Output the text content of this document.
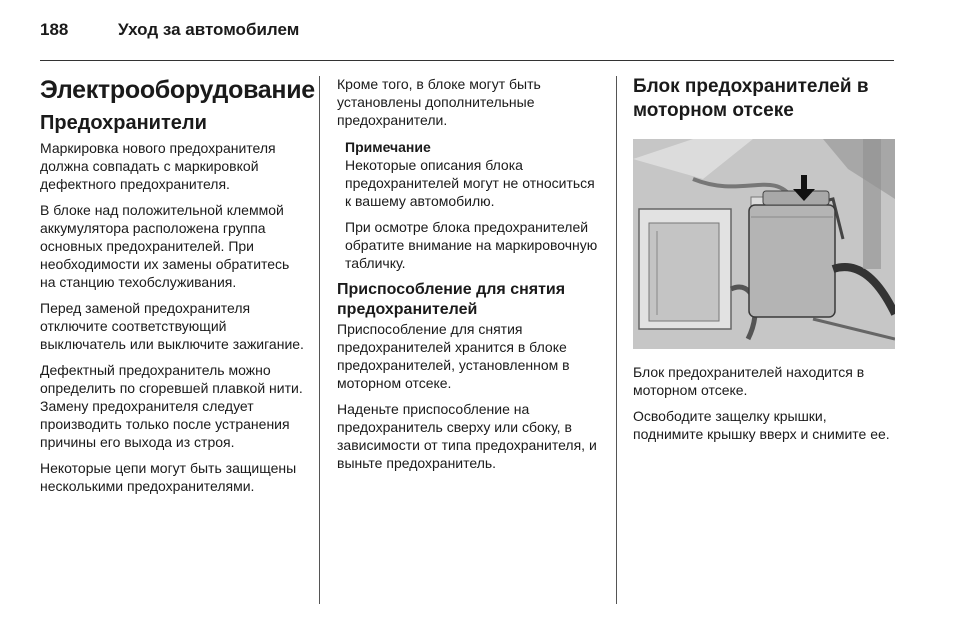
188	Уход за автомобилем
Электрооборудование
Предохранители

Маркировка нового предохранителя должна совпадать с маркировкой дефектного предохранителя.

В блоке над положительной клеммой аккумулятора расположена группа основных предохранителей. При необходимости их замены обратитесь на станцию техобслуживания.

Перед заменой предохранителя отключите соответствующий выключатель или выключите зажигание.

Дефектный предохранитель можно определить по сгоревшей плавкой нити. Замену предохранителя следует производить только после устранения причины его выхода из строя.

Некоторые цепи могут быть защищены несколькими предохранителями.

Кроме того, в блоке могут быть установлены дополнительные предохранители.

Примечание

Некоторые описания блока предохранителей могут не относиться к вашему автомобилю.

При осмотре блока предохранителей обратите внимание на маркировочную табличку.

Приспособление для снятия предохранителей

Приспособление для снятия предохранителей хранится в блоке предохранителей, установленном в моторном отсеке.

Наденьте приспособление на предохранитель сверху или сбоку, в зависимости от типа предохранителя, и выньте предохранитель.

Блок предохранителей в моторном отсеке

Блок предохранителей находится в моторном отсеке.

Освободите защелку крышки, поднимите крышку вверх и снимите ее.
